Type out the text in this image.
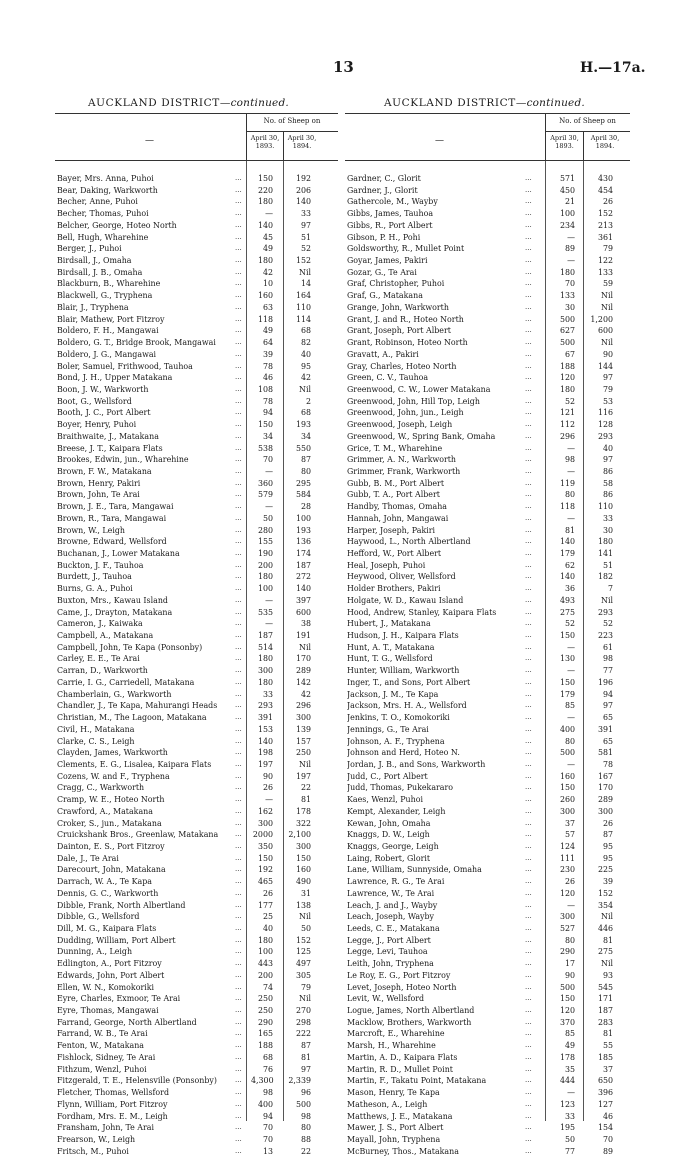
13	H.—17a.
AUCKLAND DISTRICT—continued.	AUCKLAND DISTRICT—continued.
—
No. of Sheep on
April 30, 1893.
April 30, 1894.
Bayer, Mrs. Anna, Puhoi	...	150	192
Bear, Daking, Warkworth	...	220	206
Becher, Anne, Puhoi	...	180	140
Becher, Thomas, Puhoi	...	—	33
Belcher, George, Hoteo North	...	140	97
Bell, Hugh, Wharehine	...	45	51
Berger, J., Puhoi	...	49	52
Birdsall, J., Omaha	...	180	152
Birdsall, J. B., Omaha	...	42	Nil
Blackburn, B., Wharehine	...	10	14
Blackwell, G., Tryphena	...	160	164
Blair, J., Tryphena	...	63	110
Blair, Mathew, Port Fitzroy	...	118	114
Boldero, F. H., Mangawai	...	49	68
Boldero, G. T., Bridge Brook, Mangawai	...	64	82
Boldero, J. G., Mangawai	...	39	40
Boler, Samuel, Frithwood, Tauhoa	...	78	95
Bond, J. H., Upper Matakana	...	46	42
Boon, J. W., Warkworth	...	108	Nil
Boot, G., Wellsford	...	78	2
Booth, J. C., Port Albert	...	94	68
Boyer, Henry, Puhoi	...	150	193
Braithwaite, J., Matakana	...	34	34
Breese, J. T., Kaipara Flats	...	538	550
Brookes, Edwin, jun., Wharehine	...	70	87
Brown, F. W., Matakana	...	—	80
Brown, Henry, Pakiri	...	360	295
Brown, John, Te Arai	...	579	584
Brown, J. E., Tara, Mangawai	...	—	28
Brown, R., Tara, Mangawai	...	50	100
Brown, W., Leigh	...	280	193
Browne, Edward, Wellsford	...	155	136
Buchanan, J., Lower Matakana	...	190	174
Buckton, J. F., Tauhoa	...	200	187
Burdett, J., Tauhoa	...	180	272
Burns, G. A., Puhoi	...	100	140
Buxton, Mrs., Kawau Island	...	—	397
Came, J., Drayton, Matakana	...	535	600
Cameron, J., Kaiwaka	...	—	38
Campbell, A., Matakana	...	187	191
Campbell, John, Te Kapa (Ponsonby)	...	514	Nil
Carley, E. E., Te Arai	...	180	170
Carran, D., Warkworth	...	300	289
Carrie, I. G., Carriedell, Matakana	...	180	142
Chamberlain, G., Warkworth	...	33	42
Chandler, J., Te Kapa, Mahurangi Heads	...	293	296
Christian, M., The Lagoon, Matakana	...	391	300
Civil, H., Matakana	...	153	139
Clarke, C. S., Leigh	...	140	157
Clayden, James, Warkworth	...	198	250
Clements, E. G., Lisalea, Kaipara Flats	...	197	Nil
Cozens, W. and F., Tryphena	...	90	197
Cragg, C., Warkworth	...	26	22
Cramp, W. E., Hoteo North	...	—	81
Crawford, A., Matakana	...	162	178
Croker, S., jun., Matakana	...	300	322
Cruickshank Bros., Greenlaw, Matakana	...	2000 2,100
Dainton, E. S., Port Fitzroy	...	350	300
Dale, J., Te Arai	...	150	150
Darecourt, John, Matakana	...	192	160
Darrach, W. A., Te Kapa	...	465	490
Dennis, G. C., Warkworth	...	26	31
Dibble, Frank, North Albertland	...	177	138
Dibble, G., Wellsford	...	25	Nil
Dill, M. G., Kaipara Flats	...	40	50
Dudding, William, Port Albert	...	180	152
Dunning, A., Leigh	...	100	125
Edlington, A., Port Fitzroy	...	443	497
Edwards, John, Port Albert	...	200	305
Ellen, W. N., Komokoriki	...	74	79
Eyre, Charles, Exmoor, Te Arai	...	250	Nil
Eyre, Thomas, Mangawai	...	250	270
Farrand, George, North Albertland	...	290	298
Farrand, W. B., Te Arai	...	165	222
Fenton, W., Matakana	...	188	87
Fishlock, Sidney, Te Arai	...	68	81
Fithzum, Wenzl, Puhoi	...	76	97
Fitzgerald, T. E., Helensville (Ponsonby)	...	4,300 2,339
Fletcher, Thomas, Wellsford	...	98	96
Flynn, William, Port Fitzroy	...	400	500
Fordham, Mrs. E. M., Leigh	...	94	98
Fransham, John, Te Arai	...	70	80
Frearson, W., Leigh	...	70	88
Fritsch, M., Puhoi	...	13	22
—
No. of Sheep on
April 30, 1893.
April 30, 1894.
Gardner, C., Glorit	...	571	430
Gardner, J., Glorit	...	450	454
Gathercole, M., Wayby	...	21	26
Gibbs, James, Tauhoa	...	100	152
Gibbs, R., Port Albert	...	234	213
Gibson, P. H., Pohi	...	—	361
Goldsworthy, R., Mullet Point	...	89	79
Goyar, James, Pakiri	...	—	122
Gozar, G., Te Arai	...	180	133
Graf, Christopher, Puhoi	...	70	59
Graf, G., Matakana	...	133	Nil
Grange, John, Warkworth	...	30	Nil
Grant, J. and R., Hoteo North	...	500 1,200
Grant, Joseph, Port Albert	...	627	600
Grant, Robinson, Hoteo North	...	500	Nil
Gravatt, A., Pakiri	...	67	90
Gray, Charles, Hoteo North	...	188	144
Green, C. V., Tauhoa	...	120	97
Greenwood, C. W., Lower Matakana	...	180	79
Greenwood, John, Hill Top, Leigh	...	52	53
Greenwood, John, jun., Leigh	...	121	116
Greenwood, Joseph, Leigh	...	112	128
Greenwood, W., Spring Bank, Omaha	...	296	293
Grice, T. M., Wharehine	...	—	40
Grimmer, A. N., Warkworth	...	98	97
Grimmer, Frank, Warkworth	...	—	86
Gubb, B. M., Port Albert	...	119	58
Gubb, T. A., Port Albert	...	80	86
Handby, Thomas, Omaha	...	118	110
Hannah, John, Mangawai	...	—	33
Harper, Joseph, Pakiri	...	81	30
Haywood, L., North Albertland	...	140	180
Hefford, W., Port Albert	...	179	141
Heal, Joseph, Puhoi	...	62	51
Heywood, Oliver, Wellsford	...	140	182
Holder Brothers, Pakiri	...	36	7
Holgate, W. D., Kawau Island	...	493	Nil
Hood, Andrew, Stanley, Kaipara Flats	...	275	293
Hubert, J., Matakana	...	52	52
Hudson, J. H., Kaipara Flats	...	150	223
Hunt, A. T., Matakana	...	—	61
Hunt, T. G., Wellsford	...	130	98
Hunter, William, Warkworth	...	—	77
Inger, T., and Sons, Port Albert	...	150	196
Jackson, J. M., Te Kapa	...	179	94
Jackson, Mrs. H. A., Wellsford	...	85	97
Jenkins, T. O., Komokoriki	...	—	65
Jennings, G., Te Arai	...	400	391
Johnson, A. F., Tryphena	...	80	65
Johnson and Herd, Hoteo N.	...	500	581
Jordan, J. B., and Sons, Warkworth	...	—	78
Judd, C., Port Albert	...	160	167
Judd, Thomas, Pukekararo	...	150	170
Kaes, Wenzl, Puhoi	...	260	289
Kempt, Alexander, Leigh	...	300	300
Kewan, John, Omaha	...	37	26
Knaggs, D. W., Leigh	...	57	87
Knaggs, George, Leigh	...	124	95
Laing, Robert, Glorit	...	111	95
Lane, William, Sunnyside, Omaha	...	230	225
Lawrence, R. G., Te Arai	...	26	39
Lawrence, W., Te Arai	...	120	152
Leach, J. and J., Wayby	...	—	354
Leach, Joseph, Wayby	...	300	Nil
Leeds, C. E., Matakana	...	527	446
Legge, J., Port Albert	...	80	81
Legge, Levi, Tauhoa	...	290	275
Leith, John, Tryphena	...	17	Nil
Le Roy, E. G., Port Fitzroy	...	90	93
Levet, Joseph, Hoteo North	...	500	545
Levit, W., Wellsford	...	150	171
Logue, James, North Albertland	...	120	187
Macklow, Brothers, Warkworth	...	370	283
Marcroft, E., Wharehine	...	85	81
Marsh, H., Wharehine	...	49	55
Martin, A. D., Kaipara Flats	...	178	185
Martin, R. D., Mullet Point	...	35	37
Martin, F., Takatu Point, Matakana	...	444	650
Mason, Henry, Te Kapa	...	—	396
Matheson, A., Leigh	...	123	127
Matthews, J. E., Matakana	...	33	46
Mawer, J. S., Port Albert	...	195	154
Mayall, John, Tryphena	...	50	70
McBurney, Thos., Matakana	...	77	89
